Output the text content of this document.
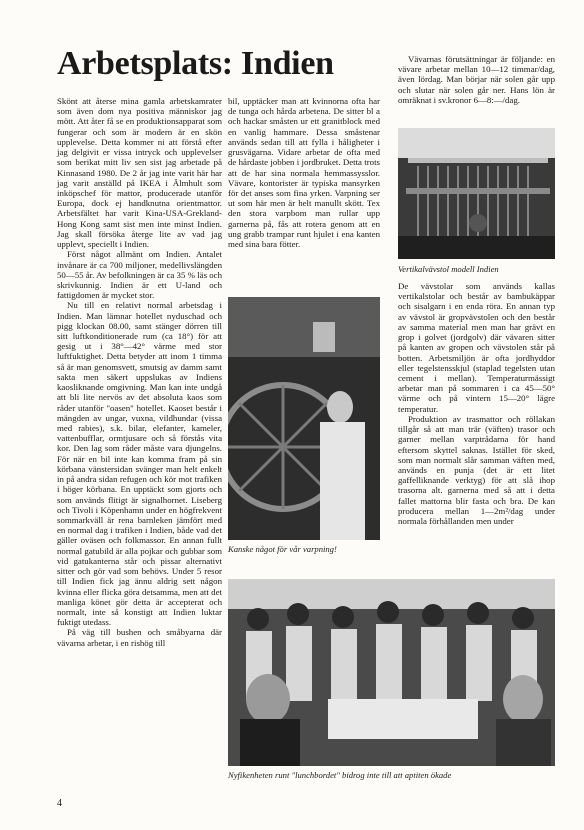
Arbetsplats: Indien

Skönt att återse mina gamla arbetskamrater som även dom nya positiva människor jag mött. Att åter få se en produktionsapparat som fungerar och som är modern är en skön upplevelse. Detta kommer ni att förstå efter jag delgivit er vissa intryck och upplevelser som berikat mitt liv sen sist jag arbetade på Kinnasand 1980. De 2 år jag inte varit här har jag varit anställd på IKEA i Älmhult som inköpschef för mattor, producerade utanför Europa, dock ej handknutna orientmattor. Arbetsfältet har varit Kina-USA-Grekland-Hong Kong samt sist men inte minst Indien. Jag skall försöka återge lite av vad jag upplevt, speciellt i Indien.

Först något allmänt om Indien. Antalet invånare är ca 700 miljoner, medellivslängden 50—55 år. Av befolkningen är ca 35 % läs och skrivkunnig. Indien är ett U-land och fattigdomen är mycket stor.

Nu till en relativt normal arbetsdag i Indien. Man lämnar hotellet nyduschad och pigg klockan 08.00, samt stänger dörren till sitt luftkonditionerade rum (ca 18°) för att gesig ut i 38°—42° värme med stor luftfuktighet. Detta betyder att inom 1 timma så är man genomsvett, smutsig av damm samt sakta men säkert uppslukas av Indiens kaosliknande omgivning. Man kan inte undgå att bli lite nervös av det absoluta kaos som råder utanför "oasen" hotellet. Kaoset består i mängden av ungar, vuxna, vildhundar (vissa med rabies), s.k. bilar, elefanter, kameler, vattenbufflar, ormtjusare och så förstås vita kor. Den lag som råder måste vara djungelns. För när en bil inte kan komma fram på sin körbana vänstersidan svänger man helt enkelt in på andra sidan refugen och kör mot trafiken i höger körbana. En upptäckt som gjorts och som används flitigt är signalhornet. Liseberg och Tivoli i Köpenhamn under en högfrekvent sommarkväll är rena barnleken jämfört med en normal dag i trafiken i Indien, både vad det gäller oväsen och folkmassor. En annan fullt normal gatubild är alla pojkar och gubbar som vid gatukanterna står och pissar alternativt sitter och gör vad som behövs. Under 5 resor till Indien fick jag ännu aldrig sett någon kvinna eller flicka göra detsamma, men att det manliga könet gör detta är accepterat och normalt, inte så konstigt att Indien luktar fuktigt utedass.

På väg till bushen och småbyarna där vävarna arbetar, i en rishög till

bil, upptäcker man att kvinnorna ofta har de tunga och hårda arbetena. De sitter bl a och hackar småsten ur ett granitblock med en vanlig hammare. Dessa småstenar används sedan till att fylla i håligheter i grusvägarna. Vidare arbetar de ofta med de hårdaste jobben i jordbruket. Detta trots att de har sina normala hemmassysslor. Vävare, kontorister är typiska mansyrken för det anses som fina yrken. Varpning ser ut som här men är helt manullt skött. Tex den stora varpbom man rullar upp garnerna på, fås att rotera genom att en ung grabb trampar runt hjulet i ena kanten med sina bara fötter.

Vävarnas förutsättningar är följande: en vävare arbetar mellan 10—12 timmar/dag, även lördag. Man börjar när solen går upp och slutar när solen går ner. Hans lön är omräknat i sv.kronor 6—8:—/dag.

De vävstolar som används kallas vertikalstolar och består av bambukäppar och sisalgarn i en enda röra. En annan typ av vävstol är gropvävstolen och den består av samma material men man har grävt en grop i golvet (jordgolv) där vävaren sitter på kanten av gropen och vävstolen står på botten. Arbetsmiljön är ofta jordhyddor eller tegelstensskjul (staplad tegelsten utan cement i mellan). Temperaturmässigt arbetar man på sommaren i ca 45—50° värme och på vintern 15—20° lägre temperatur.

Produktion av trasmattor och röllakan tillgår så att man trär (väften) trasor och garner mellan varptrådarna för hand eftersom skyttel saknas. Istället för sked, som man normalt slår samman väften med, används en punja (det är ett litet gaffelliknande verktyg) för att slå ihop trasorna alt. garnerna med så att i detta fallet mattorna blir fasta och bra. De kan producera mellan 1—2m²/dag under normala förhållanden men under

Vertikalvävstol modell Indien

Kanske något för vår varpning!

Nyfikenheten runt "lunchbordet" bidrog inte till att aptiten ökade

4
